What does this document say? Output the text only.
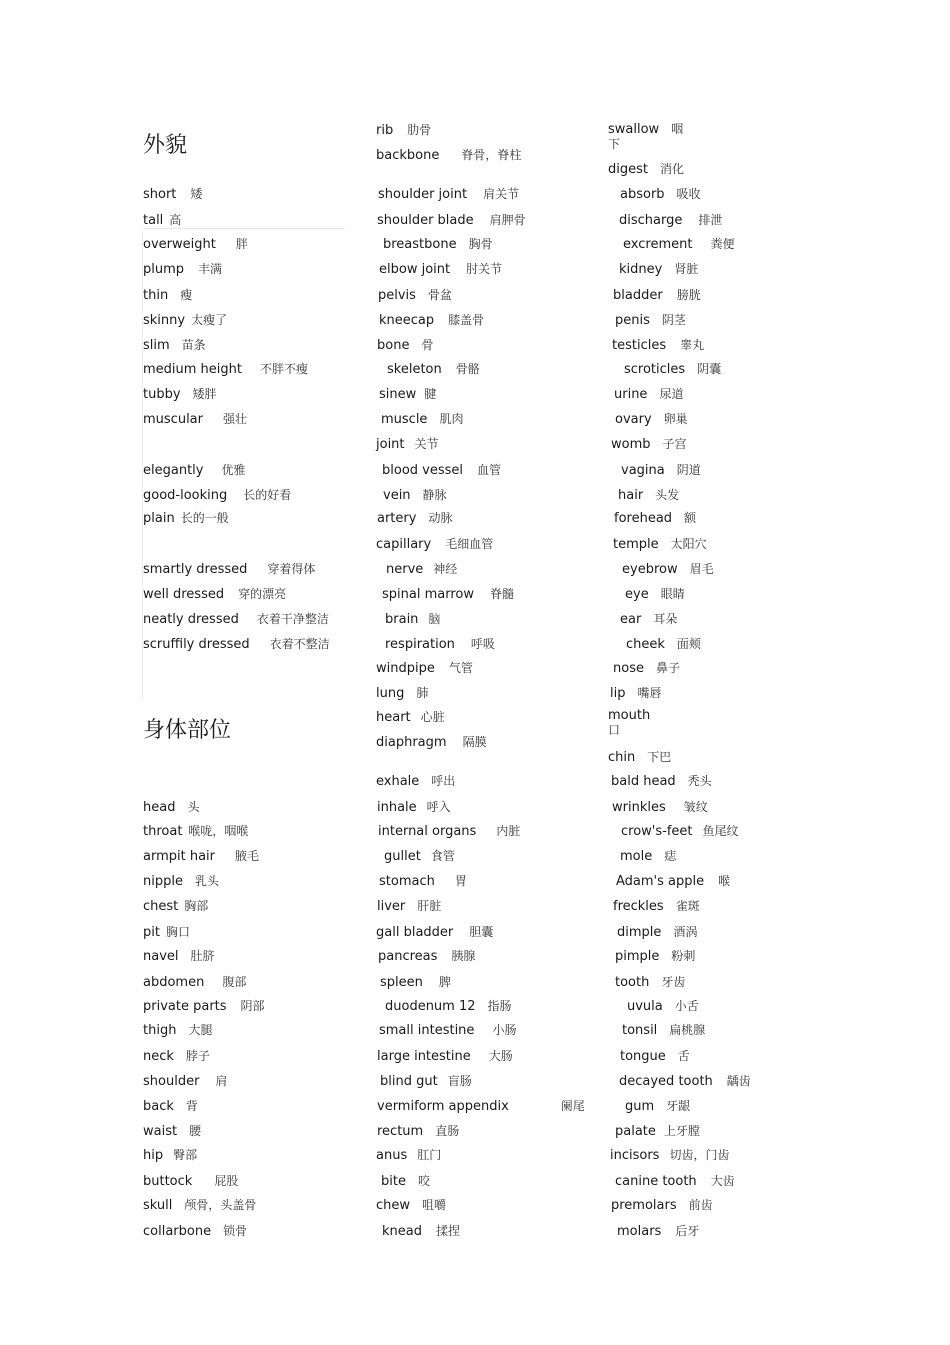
外貌
身体部位
short 矮
tall 高
overweight 胖
plump 丰满
thin 瘦
skinny 太瘦了
slim 苗条
medium height 不胖不瘦
tubby 矮胖
muscular 强壮
elegantly 优雅
good-looking 长的好看
plain 长的一般
smartly dressed 穿着得体
well dressed 穿的漂亮
neatly dressed 衣着干净整洁
scruffily dressed 衣着不整洁
head 头
throat 喉咙，咽喉
armpit hair 腋毛
nipple 乳头
chest 胸部
pit 胸口
navel 肚脐
abdomen 腹部
private parts 阴部
thigh 大腿
neck 脖子
shoulder 肩
back 背
waist 腰
hip 臀部
buttock 屁股
skull 颅骨，头盖骨
collarbone 锁骨
rib 肋骨
backbone 脊骨，脊柱
shoulder joint 肩关节
shoulder blade 肩胛骨
breastbone 胸骨
elbow joint 肘关节
pelvis 骨盆
kneecap 膝盖骨
bone 骨
skeleton 骨骼
sinew 腱
muscle 肌肉
joint 关节
blood vessel 血管
vein 静脉
artery 动脉
capillary 毛细血管
nerve 神经
spinal marrow 脊髓
brain 脑
respiration 呼吸
windpipe 气管
lung 肺
heart 心脏
diaphragm 隔膜
exhale 呼出
inhale 呼入
internal organs 内脏
gullet 食管
stomach 胃
liver 肝脏
gall bladder 胆囊
pancreas 胰腺
spleen 脾
duodenum 12 指肠
small intestine 小肠
large intestine 大肠
blind gut 盲肠
vermiform appendix	阑尾
rectum 直肠
anus 肛门
bite 咬
chew 咀嚼
knead 揉捏
swallow 咽
下
digest 消化
absorb 吸收
discharge 排泄
excrement 粪便
kidney 肾脏
bladder 膀胱
penis 阴茎
testicles 睾丸
scroticles 阴囊
urine 尿道
ovary 卵巢
womb 子宫
vagina 阴道
hair 头发
forehead 额
temple 太阳穴
eyebrow 眉毛
eye 眼睛
ear 耳朵
cheek 面颊
nose 鼻子
lip 嘴唇
mouth
口
chin 下巴
bald head 秃头
wrinkles 皱纹
crow's-feet 鱼尾纹
mole 痣
Adam's apple 喉
freckles 雀斑
dimple 酒涡
pimple 粉刺
tooth 牙齿
uvula 小舌
tonsil 扁桃腺
tongue 舌
decayed tooth 龋齿
gum 牙龈
palate 上牙膛
incisors 切齿，门齿
canine tooth 大齿
premolars 前齿
molars 后牙
